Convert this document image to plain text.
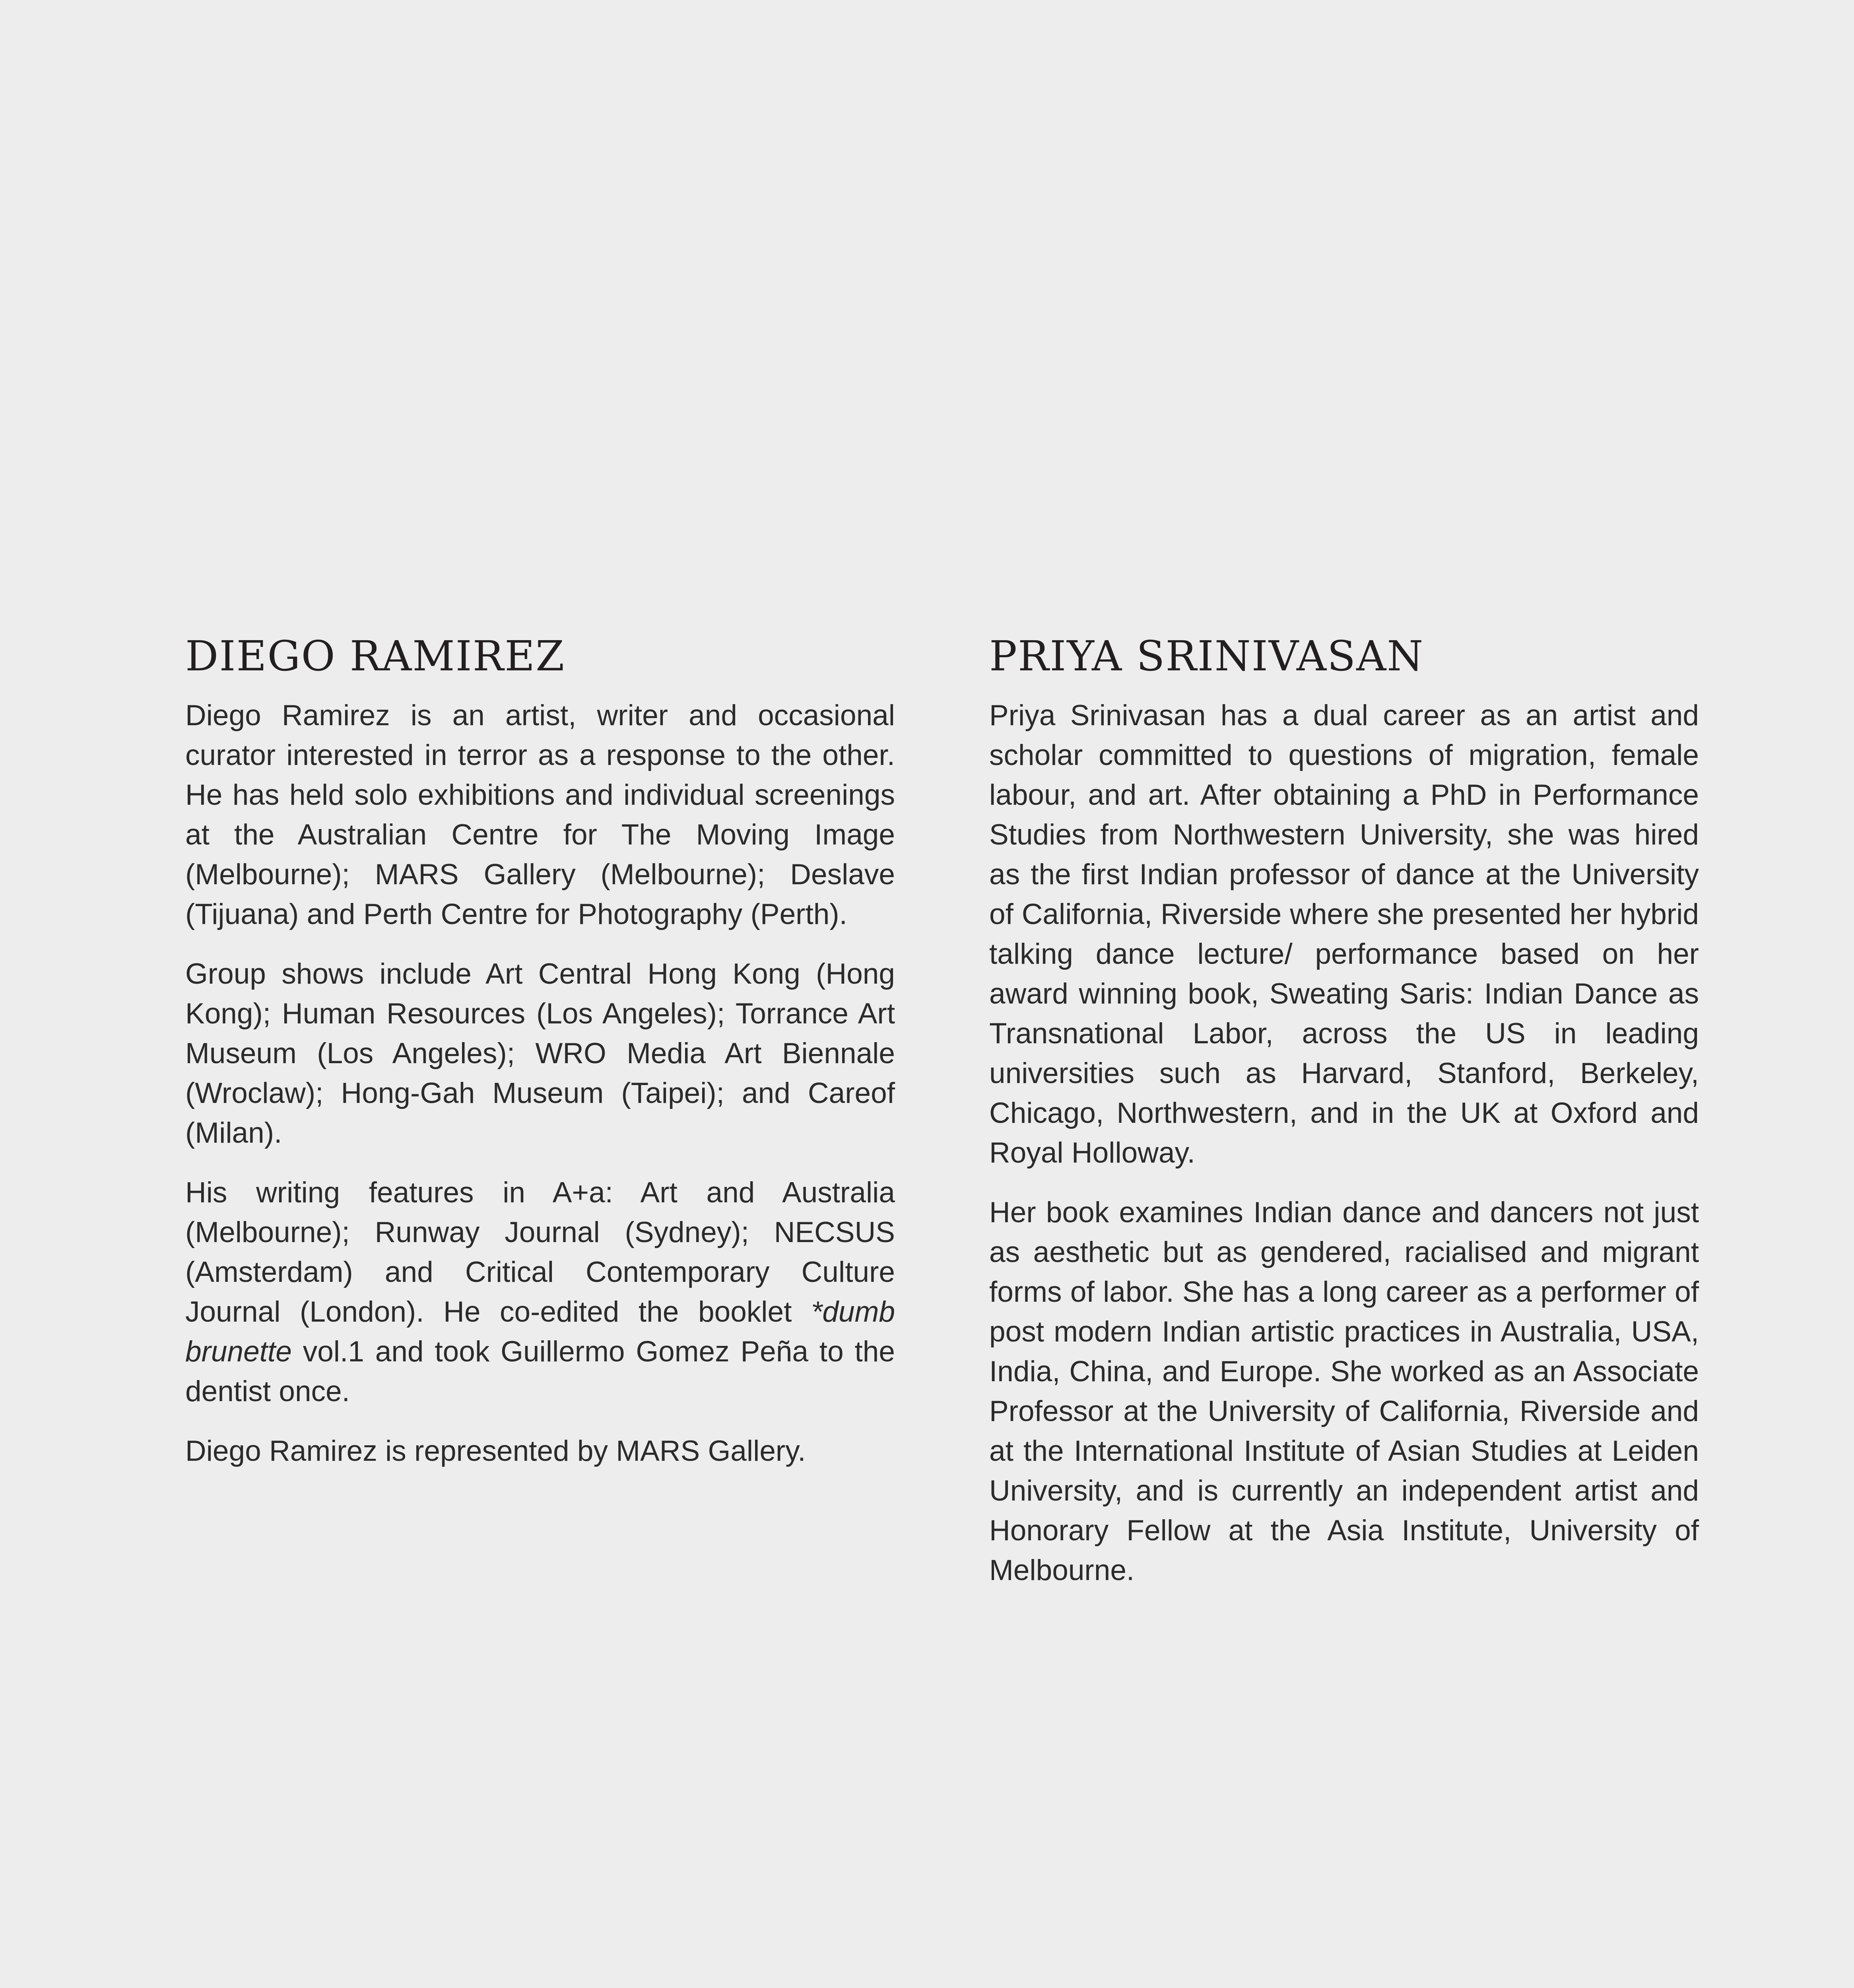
DIEGO RAMIREZ

Diego Ramirez is an artist, writer and occasional curator interested in terror as a response to the other. He has held solo exhibitions and individual screenings at the Australian Centre for The Moving Image (Melbourne); MARS Gallery (Melbourne); Deslave (Tijuana) and Perth Centre for Photography (Perth).

Group shows include Art Central Hong Kong (Hong Kong); Human Resources (Los Angeles); Torrance Art Museum (Los Angeles); WRO Media Art Biennale (Wroclaw); Hong-Gah Museum (Taipei); and Careof (Milan).

His writing features in A+a: Art and Australia (Melbourne); Runway Journal (Sydney); NECSUS (Amsterdam) and Critical Contemporary Culture Journal (London). He co-edited the booklet *dumb brunette vol.1 and took Guillermo Gomez Peña to the dentist once.

Diego Ramirez is represented by MARS Gallery.

PRIYA SRINIVASAN

Priya Srinivasan has a dual career as an artist and scholar committed to questions of migration, female labour, and art. After obtaining a PhD in Performance Studies from Northwestern University, she was hired as the first Indian professor of dance at the University of California, Riverside where she presented her hybrid talking dance lecture/ performance based on her award winning book, Sweating Saris: Indian Dance as Transnational Labor, across the US in leading universities such as Harvard, Stanford, Berkeley, Chicago, Northwestern, and in the UK at Oxford and Royal Holloway.

Her book examines Indian dance and dancers not just as aesthetic but as gendered, racialised and migrant forms of labor. She has a long career as a performer of post modern Indian artistic practices in Australia, USA, India, China, and Europe. She worked as an Associate Professor at the University of California, Riverside and at the International Institute of Asian Studies at Leiden University, and is currently an independent artist and Honorary Fellow at the Asia Institute, University of Melbourne.
